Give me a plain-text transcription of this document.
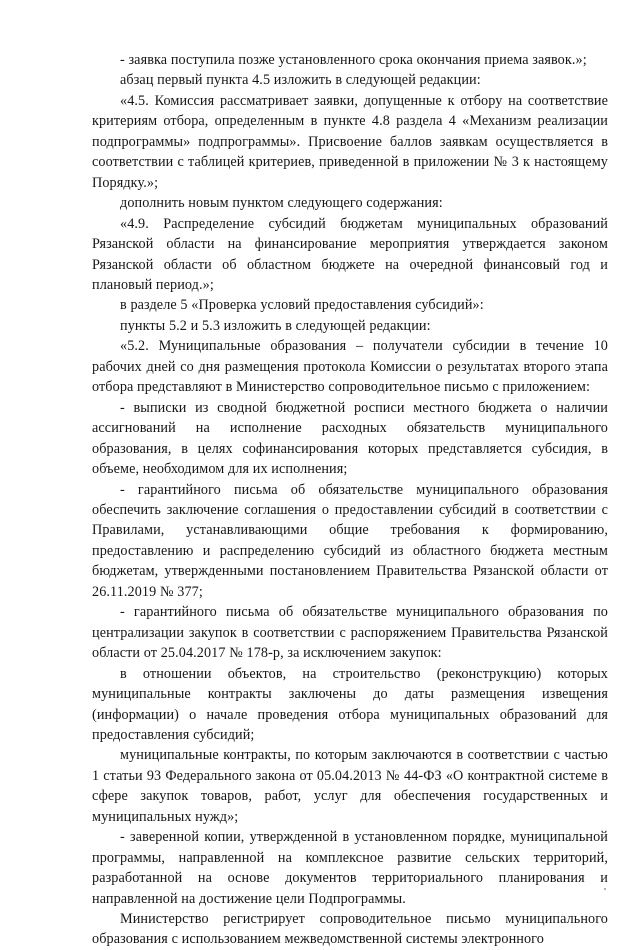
- заявка поступила позже установленного срока окончания приема заявок.»;

абзац первый пункта 4.5 изложить в следующей редакции:

«4.5. Комиссия рассматривает заявки, допущенные к отбору на соответствие критериям отбора, определенным в пункте 4.8 раздела 4 «Механизм реализации подпрограммы» подпрограммы». Присвоение баллов заявкам осуществляется в соответствии с таблицей критериев, приведенной в приложении № 3 к настоящему Порядку.»;

дополнить новым пунктом следующего содержания:

«4.9. Распределение субсидий бюджетам муниципальных образований Рязанской области на финансирование мероприятия утверждается законом Рязанской области об областном бюджете на очередной финансовый год и плановый период.»;

в разделе 5 «Проверка условий предоставления субсидий»:

пункты 5.2 и 5.3 изложить в следующей редакции:

«5.2. Муниципальные образования – получатели субсидии в течение 10 рабочих дней со дня размещения протокола Комиссии о результатах второго этапа отбора представляют в Министерство сопроводительное письмо с приложением:

- выписки из сводной бюджетной росписи местного бюджета о наличии ассигнований на исполнение расходных обязательств муниципального образования, в целях софинансирования которых представляется субсидия, в объеме, необходимом для их исполнения;

- гарантийного письма об обязательстве муниципального образования обеспечить заключение соглашения о предоставлении субсидий в соответствии с Правилами, устанавливающими общие требования к формированию, предоставлению и распределению субсидий из областного бюджета местным бюджетам, утвержденными постановлением Правительства Рязанской области от 26.11.2019 № 377;

- гарантийного письма об обязательстве муниципального образования по централизации закупок в соответствии с распоряжением Правительства Рязанской области от 25.04.2017 № 178-р, за исключением закупок:

в отношении объектов, на строительство (реконструкцию) которых муниципальные контракты заключены до даты размещения извещения (информации) о начале проведения отбора муниципальных образований для предоставления субсидий;

муниципальные контракты, по которым заключаются в соответствии с частью 1 статьи 93 Федерального закона от 05.04.2013 № 44-ФЗ «О контрактной системе в сфере закупок товаров, работ, услуг для обеспечения государственных и муниципальных нужд»;

- заверенной копии, утвержденной в установленном порядке, муниципальной программы, направленной на комплексное развитие сельских территорий, разработанной на основе документов территориального планирования и направленной на достижение цели Подпрограммы.

Министерство регистрирует сопроводительное письмо муниципального образования с использованием межведомственной системы электронного
